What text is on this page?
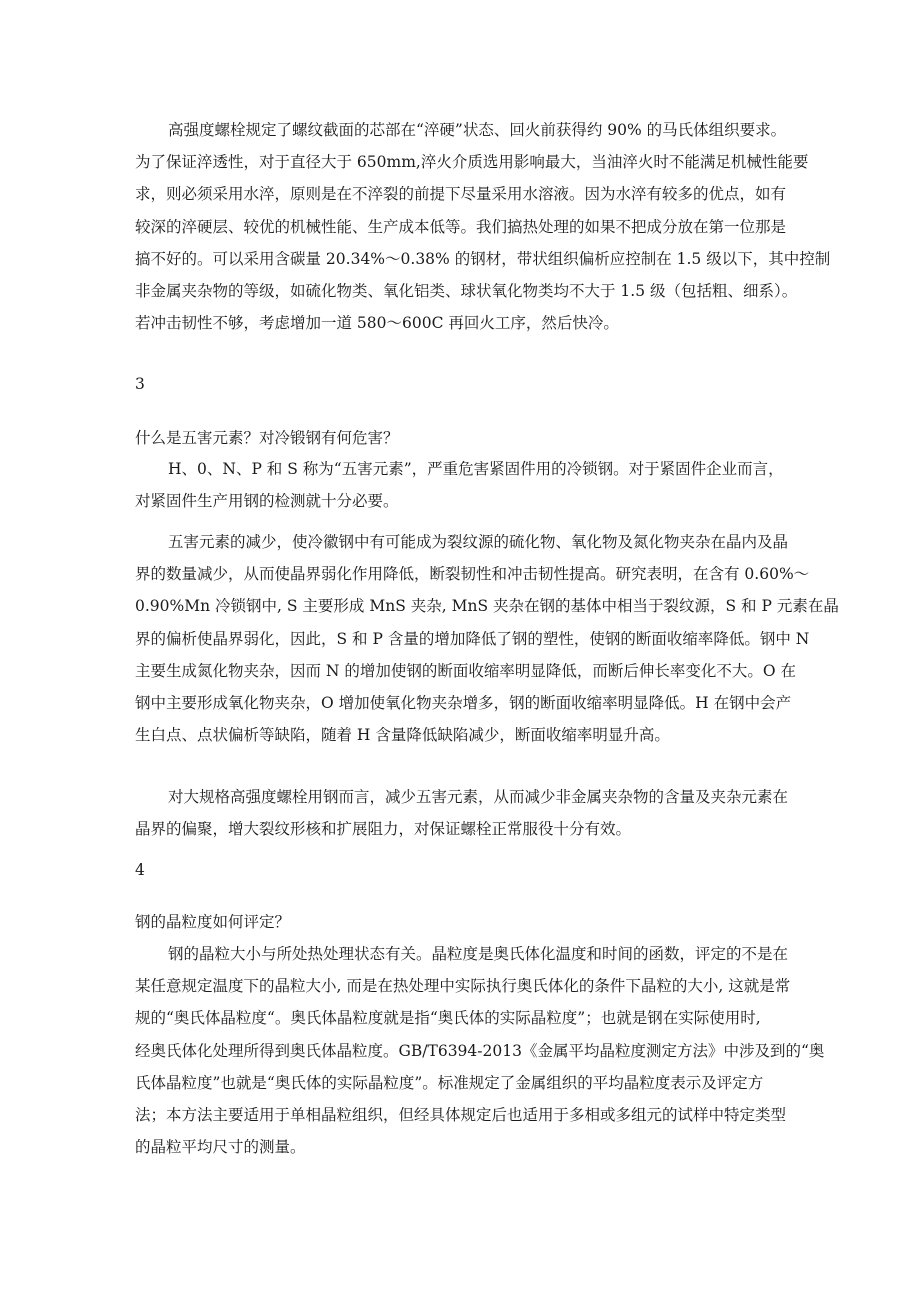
高强度螺栓规定了螺纹截面的芯部在“淬硬”状态、回火前获得约 90% 的马氏体组织要求。
为了保证淬透性，对于直径大于 650mm,淬火介质选用影响最大，当油淬火时不能满足机械性能要
求，则必须采用水淬，原则是在不淬裂的前提下尽量采用水溶液。因为水淬有较多的优点，如有
较深的淬硬层、较优的机械性能、生产成本低等。我们搞热处理的如果不把成分放在第一位那是
搞不好的。可以采用含碳量 20.34%～0.38% 的钢材，带状组织偏析应控制在 1.5 级以下，其中控制
非金属夹杂物的等级，如硫化物类、氧化铝类、球状氧化物类均不大于 1.5 级（包括粗、细系）。
若冲击韧性不够，考虑增加一道 580～600C 再回火工序，然后快冷。
3
什么是五害元素？对冷锻钢有何危害？
H、0、N、P 和 S 称为“五害元素”，严重危害紧固件用的冷锁钢。对于紧固件企业而言，
对紧固件生产用钢的检测就十分必要。
五害元素的减少，使冷徽钢中有可能成为裂纹源的硫化物、氧化物及氮化物夹杂在晶内及晶
界的数量减少，从而使晶界弱化作用降低，断裂韧性和冲击韧性提高。研究表明，在含有 0.60%～
0.90%Mn 冷锁钢中, S 主要形成 MnS 夹杂, MnS 夹杂在钢的基体中相当于裂纹源，S 和 P 元素在晶
界的偏析使晶界弱化，因此，S 和 P 含量的增加降低了钢的塑性，使钢的断面收缩率降低。钢中 N
主要生成氮化物夹杂，因而 N 的增加使钢的断面收缩率明显降低，而断后伸长率变化不大。O 在
钢中主要形成氧化物夹杂，O 增加使氧化物夹杂增多，钢的断面收缩率明显降低。H 在钢中会产
生白点、点状偏析等缺陷，随着 H 含量降低缺陷减少，断面收缩率明显升高。
对大规格高强度螺栓用钢而言，减少五害元素，从而减少非金属夹杂物的含量及夹杂元素在
晶界的偏聚，增大裂纹形核和扩展阻力，对保证螺栓正常服役十分有效。
4
钢的晶粒度如何评定？
钢的晶粒大小与所处热处理状态有关。晶粒度是奥氏体化温度和时间的函数，评定的不是在
某任意规定温度下的晶粒大小, 而是在热处理中实际执行奥氏体化的条件下晶粒的大小, 这就是常
规的“奥氏体晶粒度“。奥氏体晶粒度就是指“奥氏体的实际晶粒度”；也就是钢在实际使用时,
经奥氏体化处理所得到奥氏体晶粒度。GB/T6394-2013《金属平均晶粒度测定方法》中涉及到的“奥
氏体晶粒度”也就是“奥氏体的实际晶粒度”。标准规定了金属组织的平均晶粒度表示及评定方
法；本方法主要适用于单相晶粒组织，但经具体规定后也适用于多相或多组元的试样中特定类型
的晶粒平均尺寸的测量。
